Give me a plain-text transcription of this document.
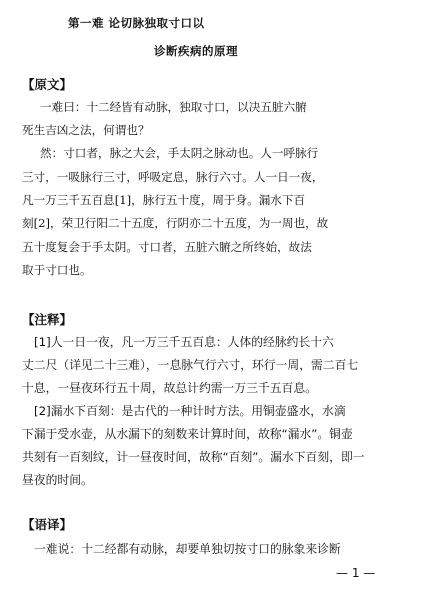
第一难 论切脉独取寸口以
诊断疾病的原理
【原文】
一难曰：十二经皆有动脉，独取寸口，以决五脏六腑
死生吉凶之法，何谓也？
然：寸口者，脉之大会，手太阴之脉动也。人一呼脉行
三寸，一吸脉行三寸，呼吸定息，脉行六寸。人一日一夜，
凡一万三千五百息[1]，脉行五十度，周于身。漏水下百
刻[2]，荣卫行阳二十五度，行阴亦二十五度，为一周也，故
五十度复会于手太阴。寸口者，五脏六腑之所终始，故法
取于寸口也。
【注释】
[1]人一日一夜，凡一万三千五百息：人体的经脉约长十六
丈二尺（详见二十三难），一息脉气行六寸，环行一周，需二百七
十息，一昼夜环行五十周，故总计约需一万三千五百息。
[2]漏水下百刻：是古代的一种计时方法。用铜壶盛水，水滴
下漏于受水壶，从水漏下的刻数来计算时间，故称“漏水”。铜壶
共刻有一百刻纹，计一昼夜时间，故称“百刻”。漏水下百刻，即一
昼夜的时间。
【语译】
一难说：十二经都有动脉，却要单独切按寸口的脉象来诊断
— 1 —
